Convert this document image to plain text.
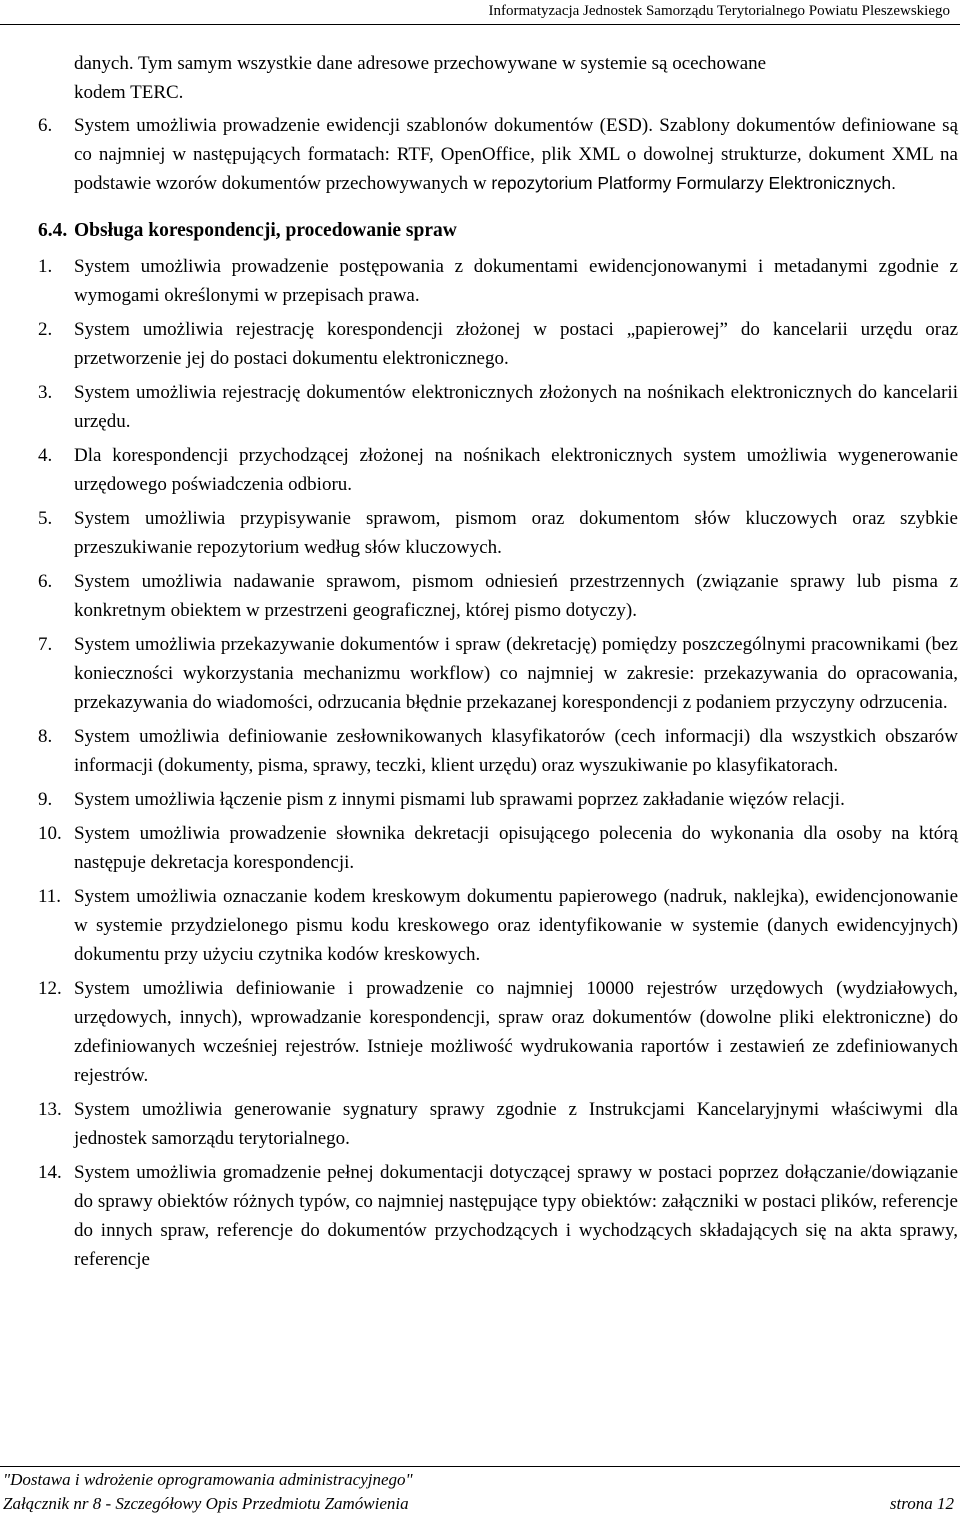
Informatyzacja Jednostek Samorządu Terytorialnego Powiatu Pleszewskiego
danych. Tym samym wszystkie dane adresowe przechowywane w systemie są ocechowane
kodem TERC.
6. System umożliwia prowadzenie ewidencji szablonów dokumentów (ESD). Szablony dokumentów definiowane są co najmniej w następujących formatach: RTF, OpenOffice, plik XML o dowolnej strukturze, dokument XML na podstawie wzorów dokumentów przechowywanych w repozytorium Platformy Formularzy Elektronicznych.
6.4. Obsługa korespondencji, procedowanie spraw
1. System umożliwia prowadzenie postępowania z dokumentami ewidencjonowanymi i metadanymi zgodnie z wymogami określonymi w przepisach prawa.
2. System umożliwia rejestrację korespondencji złożonej w postaci „papierowej” do kancelarii urzędu oraz przetworzenie jej do postaci dokumentu elektronicznego.
3. System umożliwia rejestrację dokumentów elektronicznych złożonych na nośnikach elektronicznych do kancelarii urzędu.
4. Dla korespondencji przychodzącej złożonej na nośnikach elektronicznych system umożliwia wygenerowanie urzędowego poświadczenia odbioru.
5. System umożliwia przypisywanie sprawom, pismom oraz dokumentom słów kluczowych oraz szybkie przeszukiwanie repozytorium według słów kluczowych.
6. System umożliwia nadawanie sprawom, pismom odniesień przestrzennych (związanie sprawy lub pisma z konkretnym obiektem w przestrzeni geograficznej, której pismo dotyczy).
7. System umożliwia przekazywanie dokumentów i spraw (dekretację) pomiędzy poszczególnymi pracownikami (bez konieczności wykorzystania mechanizmu workflow) co najmniej w zakresie: przekazywania do opracowania, przekazywania do wiadomości, odrzucania błędnie przekazanej korespondencji z podaniem przyczyny odrzucenia.
8. System umożliwia definiowanie zesłownikowanych klasyfikatorów (cech informacji) dla wszystkich obszarów informacji (dokumenty, pisma, sprawy, teczki, klient urzędu) oraz wyszukiwanie po klasyfikatorach.
9. System umożliwia łączenie pism z innymi pismami lub sprawami poprzez zakładanie więzów relacji.
10. System umożliwia prowadzenie słownika dekretacji opisującego polecenia do wykonania dla osoby na którą następuje dekretacja korespondencji.
11. System umożliwia oznaczanie kodem kreskowym dokumentu papierowego (nadruk, naklejka), ewidencjonowanie w systemie przydzielonego pismu kodu kreskowego oraz identyfikowanie w systemie (danych ewidencyjnych) dokumentu przy użyciu czytnika kodów kreskowych.
12. System umożliwia definiowanie i prowadzenie co najmniej 10000 rejestrów urzędowych (wydziałowych, urzędowych, innych), wprowadzanie korespondencji, spraw oraz dokumentów (dowolne pliki elektroniczne) do zdefiniowanych wcześniej rejestrów. Istnieje możliwość wydrukowania raportów i zestawień ze zdefiniowanych rejestrów.
13. System umożliwia generowanie sygnatury sprawy zgodnie z Instrukcjami Kancelaryjnymi właściwymi dla jednostek samorządu terytorialnego.
14. System umożliwia gromadzenie pełnej dokumentacji dotyczącej sprawy w postaci poprzez dołączanie/dowiązanie do sprawy obiektów różnych typów, co najmniej następujące typy obiektów: załączniki w postaci plików, referencje do innych spraw, referencje do dokumentów przychodzących i wychodzących składających się na akta sprawy, referencje
"Dostawa i wdrożenie oprogramowania administracyjnego"
Załącznik nr 8 - Szczegółowy Opis Przedmiotu Zamówienia	strona 12
